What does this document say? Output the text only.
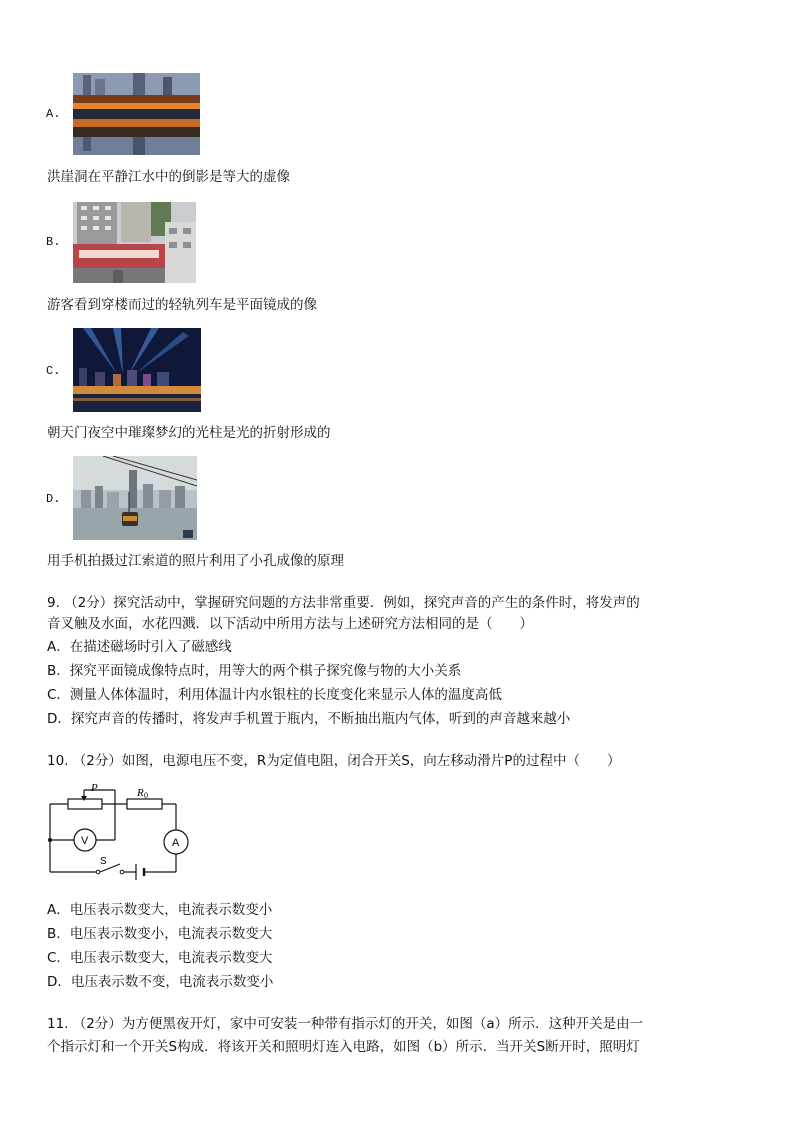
A.
洪崖洞在平静江水中的倒影是等大的虚像
B.
游客看到穿楼而过的轻轨列车是平面镜成的像
C.
朝天门夜空中璀璨梦幻的光柱是光的折射形成的
D.
用手机拍摄过江索道的照片利用了小孔成像的原理
9. （2分）探究活动中，掌握研究问题的方法非常重要．例如，探究声音的产生的条件时，将发声的
音叉触及水面，水花四溅．以下活动中所用方法与上述研究方法相同的是（　　）
A．在描述磁场时引入了磁感线
B．探究平面镜成像特点时，用等大的两个棋子探究像与物的大小关系
C．测量人体体温时，利用体温计内水银柱的长度变化来显示人体的温度高低
D．探究声音的传播时，将发声手机置于瓶内，不断抽出瓶内气体，听到的声音越来越小
10. （2分）如图，电源电压不变，R为定值电阻，闭合开关S，向左移动滑片P的过程中（　　）
P	R 0
V	A
S
A．电压表示数变大，电流表示数变小
B．电压表示数变小，电流表示数变大
C．电压表示数变大，电流表示数变大
D．电压表示数不变，电流表示数变小
11. （2分）为方便黑夜开灯，家中可安装一种带有指示灯的开关，如图（a）所示．这种开关是由一
个指示灯和一个开关S构成．将该开关和照明灯连入电路，如图（b）所示．当开关S断开时，照明灯
